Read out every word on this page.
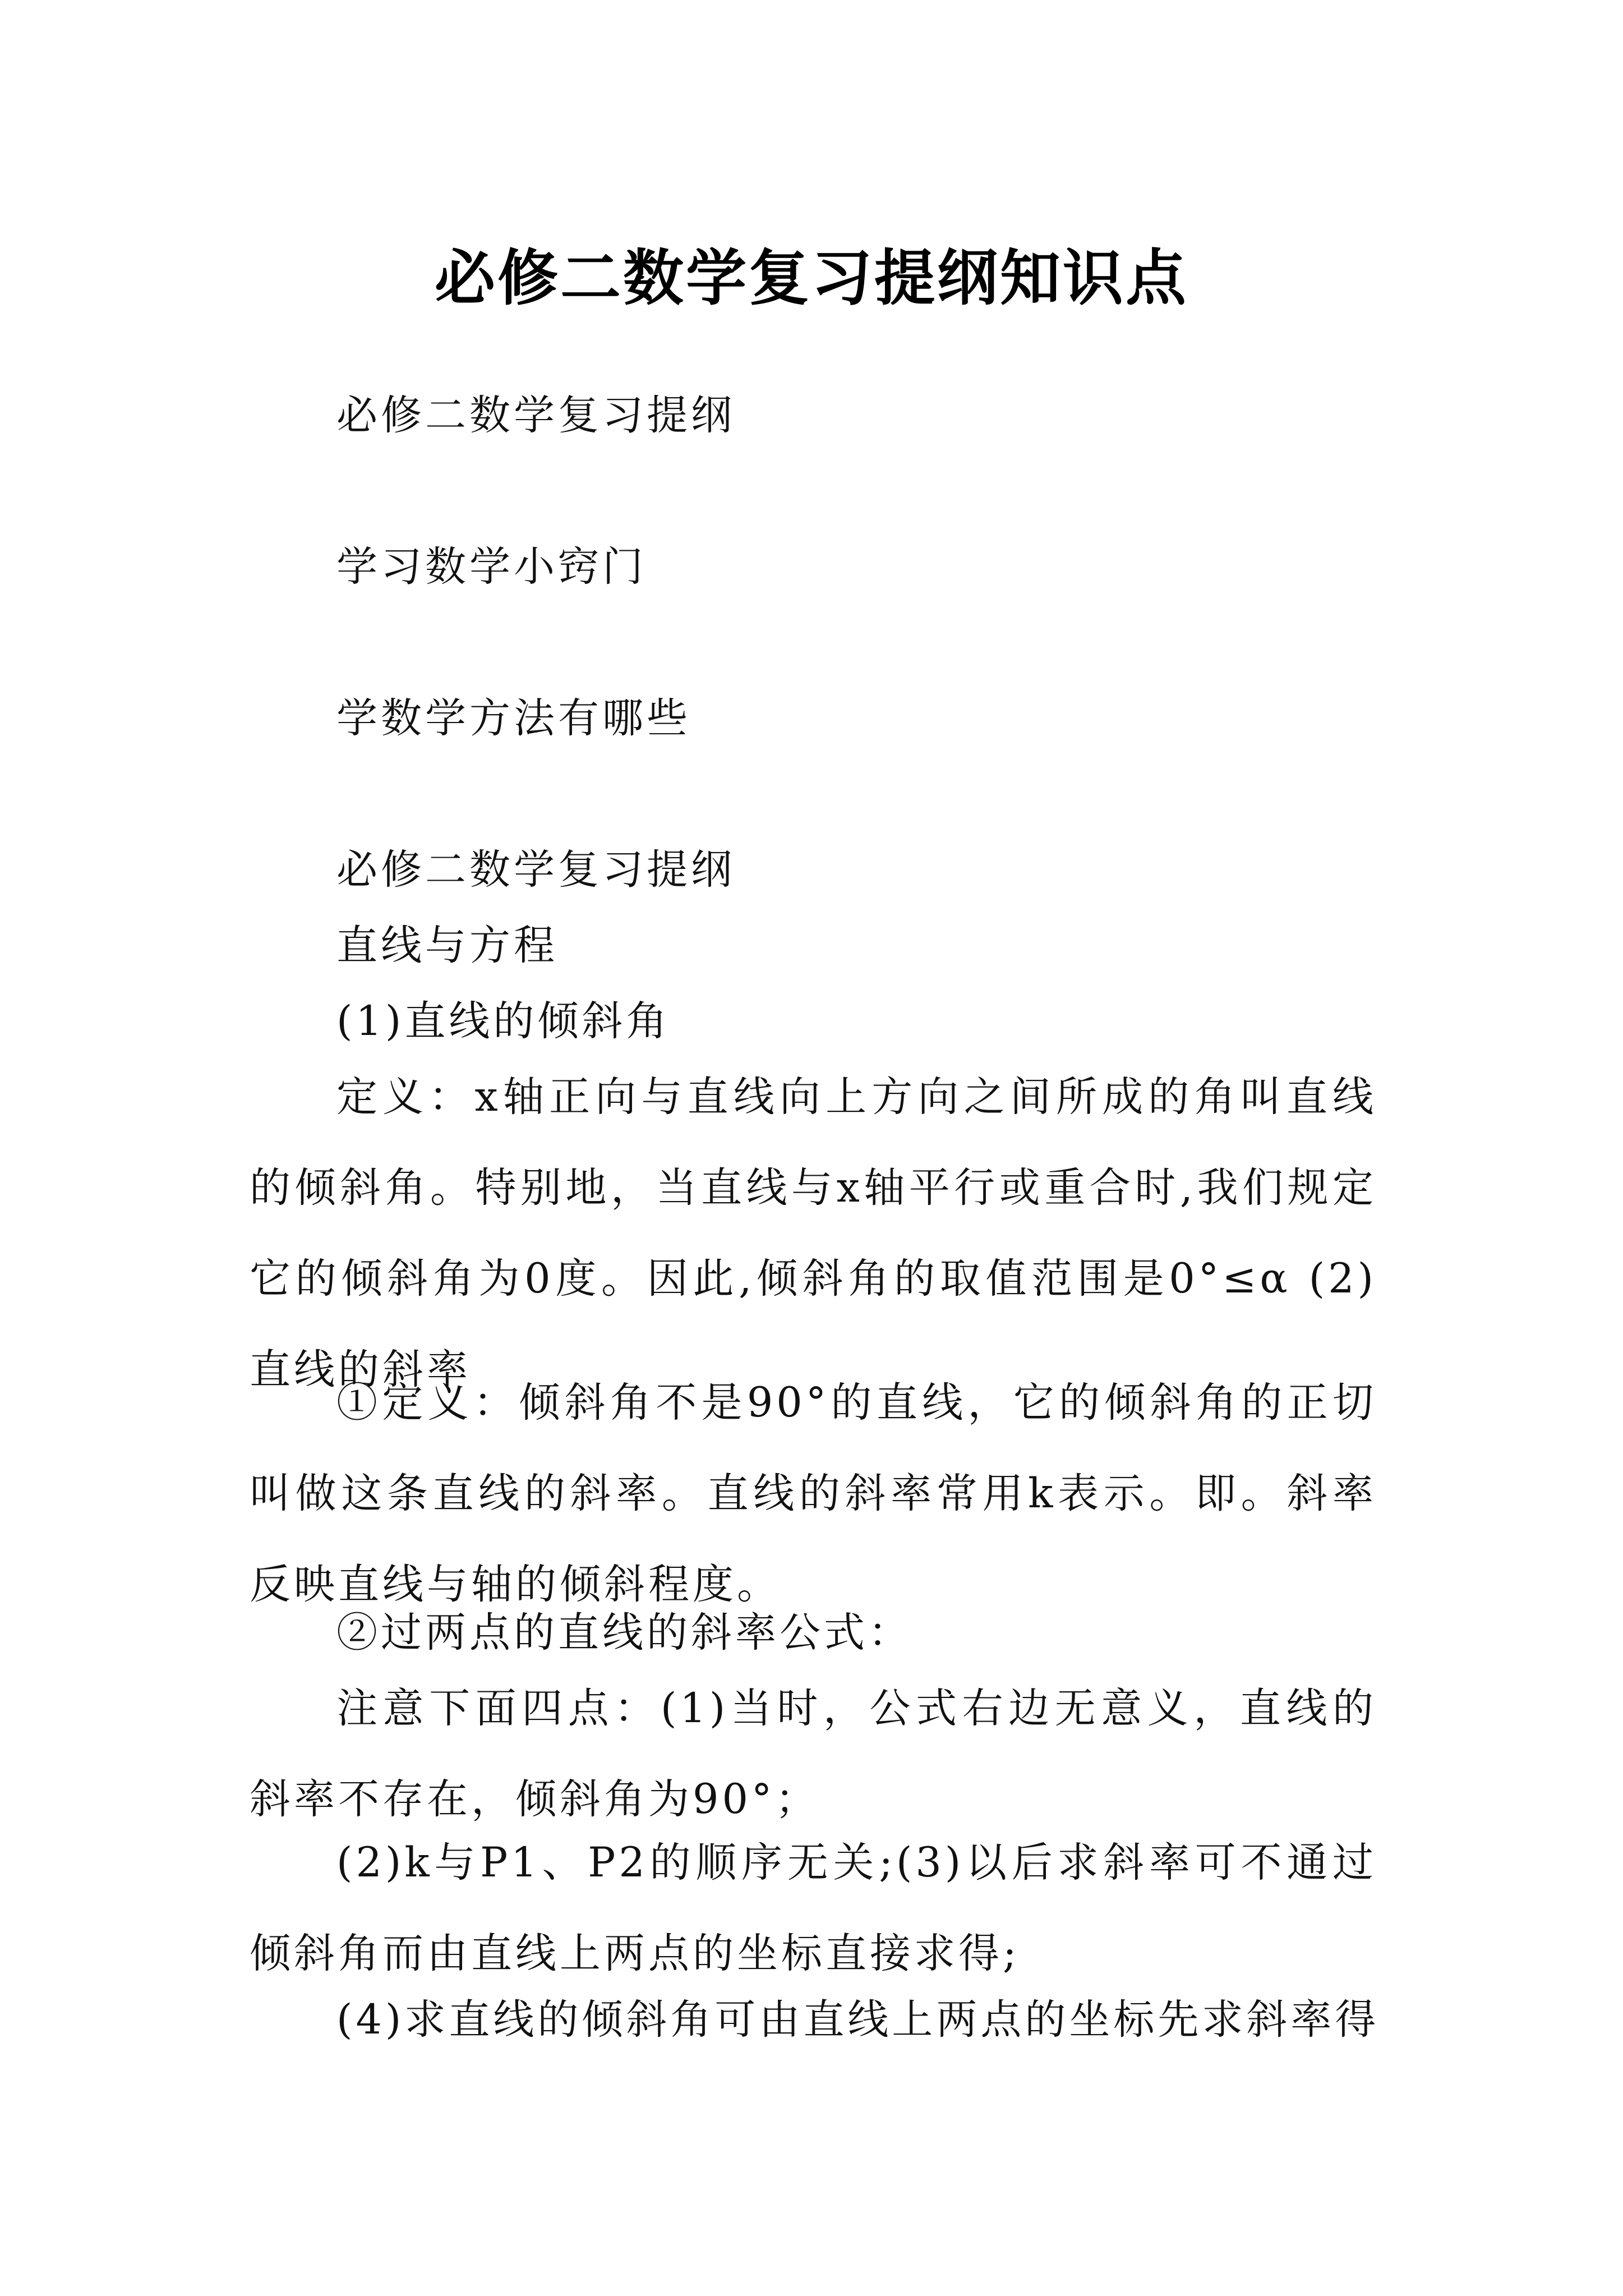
必修二数学复习提纲知识点

必修二数学复习提纲

学习数学小窍门

学数学方法有哪些

必修二数学复习提纲

直线与方程

(1)直线的倾斜角

定义：x轴正向与直线向上方向之间所成的角叫直线的倾斜角。特别地，当直线与x轴平行或重合时,我们规定它的倾斜角为0度。因此,倾斜角的取值范围是0°≤α (2)直线的斜率

①定义：倾斜角不是90°的直线，它的倾斜角的正切叫做这条直线的斜率。直线的斜率常用k表示。即。斜率反映直线与轴的倾斜程度。

②过两点的直线的斜率公式：

注意下面四点：(1)当时，公式右边无意义，直线的斜率不存在，倾斜角为90°；

(2)k与P1、P2的顺序无关;(3)以后求斜率可不通过倾斜角而由直线上两点的坐标直接求得;

(4)求直线的倾斜角可由直线上两点的坐标先求斜率得
